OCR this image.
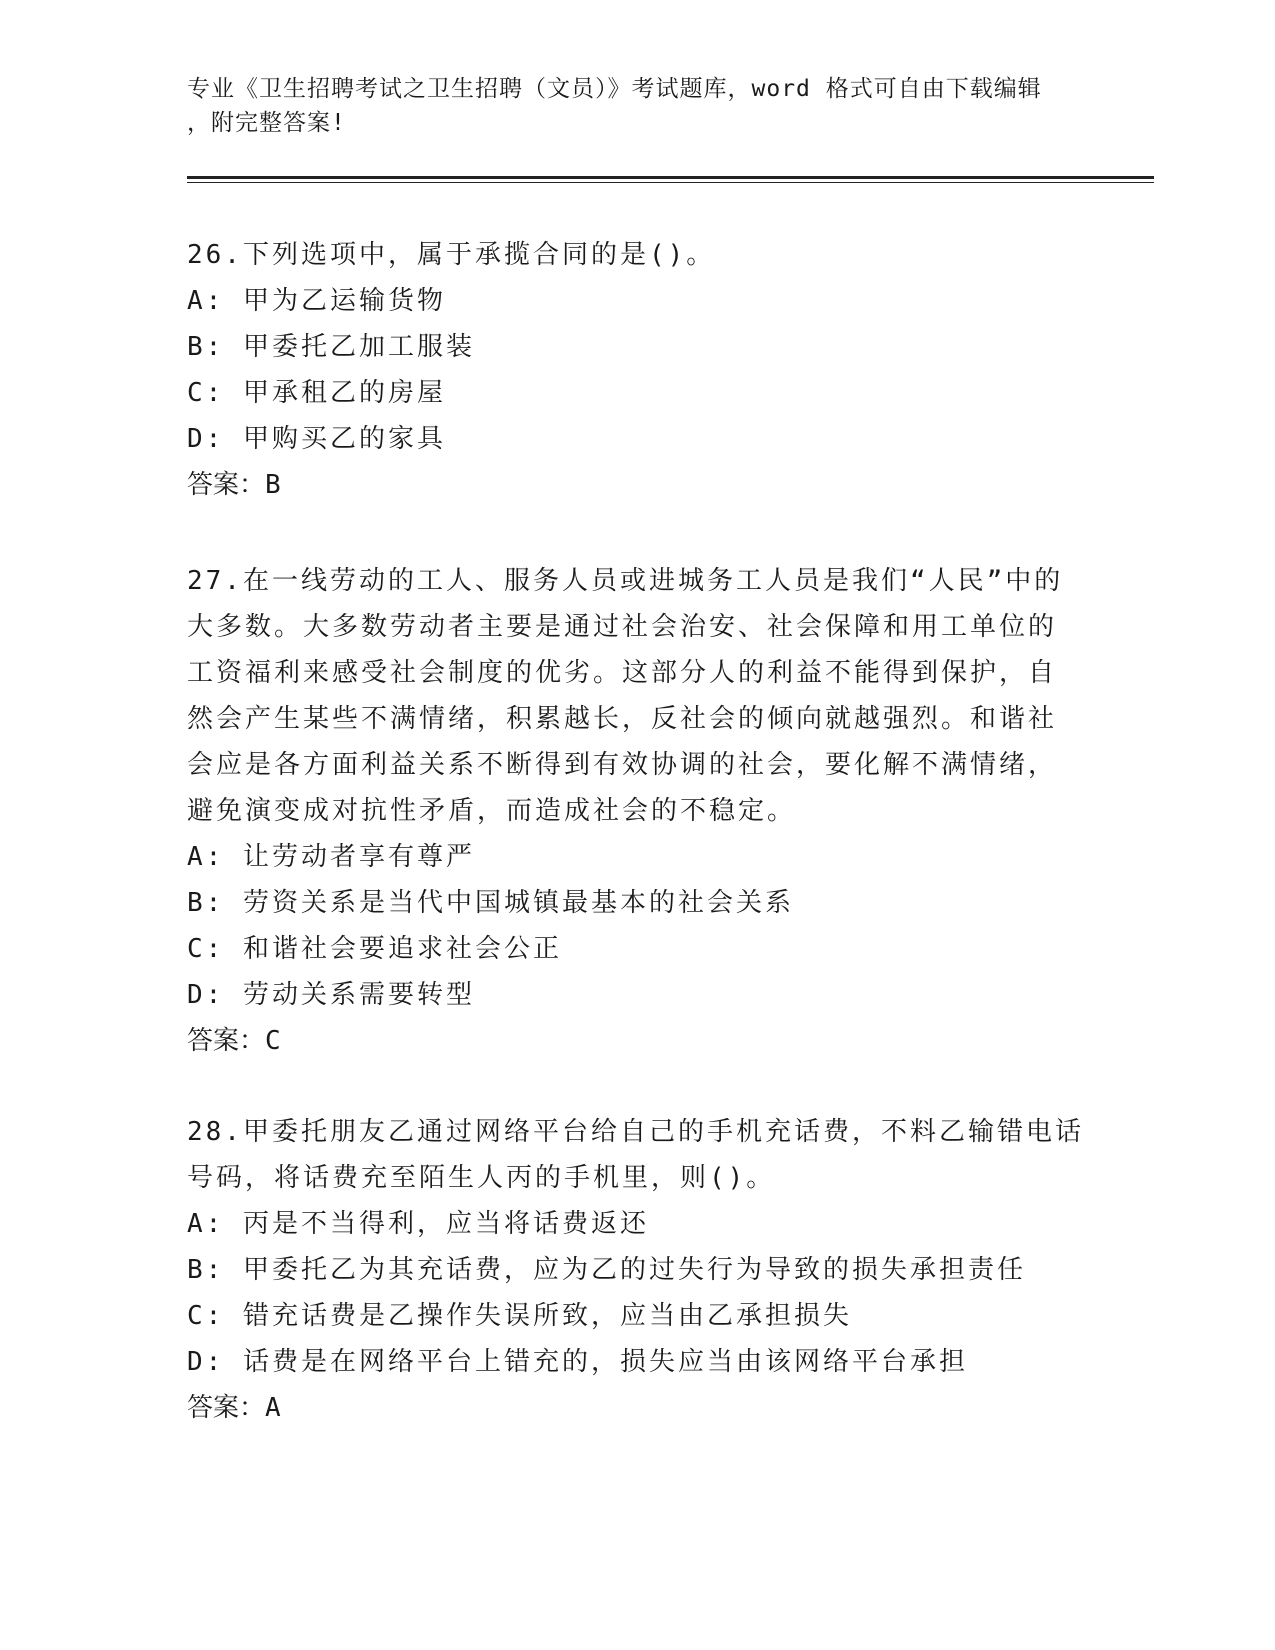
专业《卫生招聘考试之卫生招聘（文员）》考试题库，word 格式可自由下载编辑
，附完整答案!
26.下列选项中，属于承揽合同的是()。
A: 甲为乙运输货物
B: 甲委托乙加工服装
C: 甲承租乙的房屋
D: 甲购买乙的家具
答案：B
27.在一线劳动的工人、服务人员或进城务工人员是我们“人民”中的
大多数。大多数劳动者主要是通过社会治安、社会保障和用工单位的
工资福利来感受社会制度的优劣。这部分人的利益不能得到保护，自
然会产生某些不满情绪，积累越长，反社会的倾向就越强烈。和谐社
会应是各方面利益关系不断得到有效协调的社会，要化解不满情绪，
避免演变成对抗性矛盾，而造成社会的不稳定。
A: 让劳动者享有尊严
B: 劳资关系是当代中国城镇最基本的社会关系
C: 和谐社会要追求社会公正
D: 劳动关系需要转型
答案：C
28.甲委托朋友乙通过网络平台给自己的手机充话费，不料乙输错电话
号码，将话费充至陌生人丙的手机里，则()。
A: 丙是不当得利，应当将话费返还
B: 甲委托乙为其充话费，应为乙的过失行为导致的损失承担责任
C: 错充话费是乙操作失误所致，应当由乙承担损失
D: 话费是在网络平台上错充的，损失应当由该网络平台承担
答案：A
